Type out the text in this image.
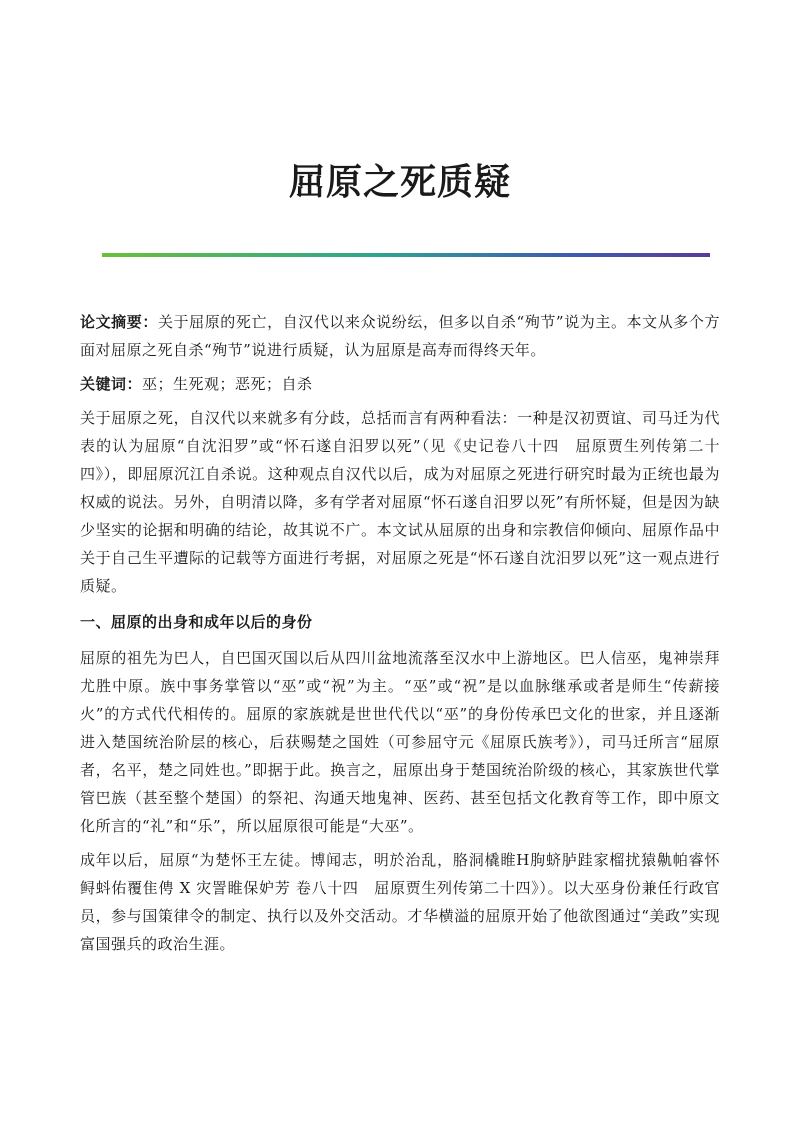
屈原之死质疑

论文摘要：关于屈原的死亡，自汉代以来众说纷纭，但多以自杀“殉节”说为主。本文从多个方面对屈原之死自杀“殉节”说进行质疑，认为屈原是高寿而得终天年。

关键词：巫；生死观；恶死；自杀

关于屈原之死，自汉代以来就多有分歧，总括而言有两种看法：一种是汉初贾谊、司马迁为代表的认为屈原“自沈汨罗”或“怀石遂自汨罗以死”（见《史记卷八十四　屈原贾生列传第二十四》），即屈原沉江自杀说。这种观点自汉代以后，成为对屈原之死进行研究时最为正统也最为权威的说法。另外，自明清以降，多有学者对屈原“怀石遂自汨罗以死”有所怀疑，但是因为缺少坚实的论据和明确的结论，故其说不广。本文试从屈原的出身和宗教信仰倾向、屈原作品中关于自己生平遭际的记载等方面进行考据，对屈原之死是“怀石遂自沈汨罗以死”这一观点进行质疑。

一、屈原的出身和成年以后的身份

屈原的祖先为巴人，自巴国灭国以后从四川盆地流落至汉水中上游地区。巴人信巫，鬼神崇拜尤胜中原。族中事务掌管以“巫”或“祝”为主。“巫”或“祝”是以血脉继承或者是师生“传薪接火”的方式代代相传的。屈原的家族就是世世代代以“巫”的身份传承巴文化的世家，并且逐渐进入楚国统治阶层的核心，后获赐楚之国姓（可参屈守元《屈原氏族考》），司马迁所言“屈原者，名平，楚之同姓也。”即据于此。换言之，屈原出身于楚国统治阶级的核心，其家族世代掌管巴族（甚至整个楚国）的祭祀、沟通天地鬼神、医药、甚至包括文化教育等工作，即中原文化所言的“礼”和“乐”，所以屈原很可能是“大巫”。

成年以后，屈原“为楚怀王左徒。博闻志，明於治乱，胳洞橇睢H朐蛴胪跬家榴扰猿鼽帕睿怀鲟蚪佑覆隹俜 X 灾詈睢保妒芳 卷八十四　屈原贾生列传第二十四》）。以大巫身份兼任行政官员，参与国策律令的制定、执行以及外交活动。才华横溢的屈原开始了他欲图通过“美政”实现富国强兵的政治生涯。
